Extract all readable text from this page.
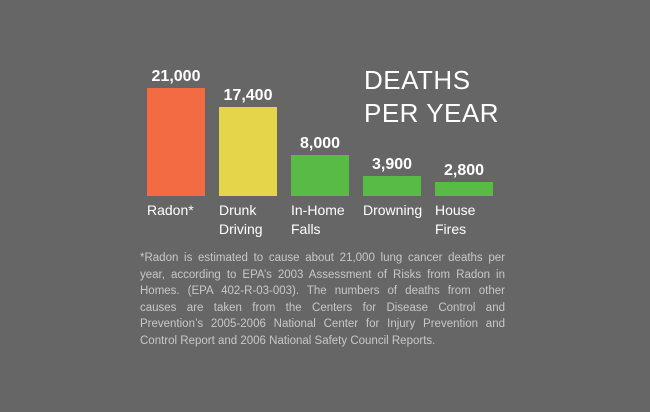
21,000
Radon*
17,400
Drunk
Driving
8,000
In-Home
Falls
3,900
Drowning
2,800
House
Fires
DEATHS
PER YEAR

*Radon is estimated to cause about 21,000 lung cancer deaths per year, according to EPA’s 2003 Assessment of Risks from Radon in Homes. (EPA 402-R-03-003). The numbers of deaths from other causes are taken from the Centers for Disease Control and Prevention’s 2005-2006 National Center for Injury Prevention and Control Report and 2006 National Safety Council Reports.
